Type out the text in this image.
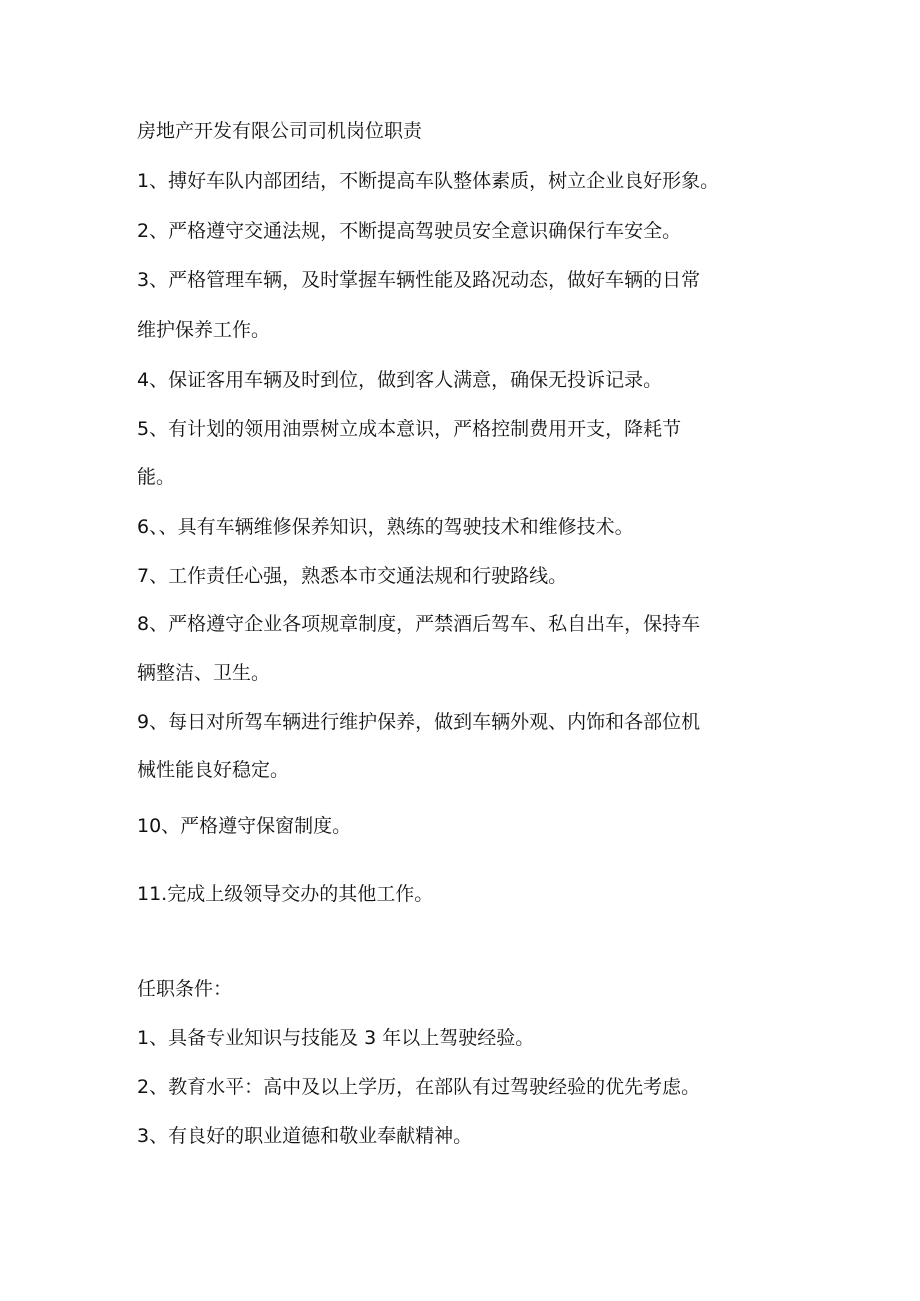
房地产开发有限公司司机岗位职责

1、搏好车队内部团结，不断提高车队整体素质，树立企业良好形象。

2、严格遵守交通法规，不断提高驾驶员安全意识确保行车安全。

3、严格管理车辆，及时掌握车辆性能及路况动态，做好车辆的日常

维护保养工作。

4、保证客用车辆及时到位，做到客人满意，确保无投诉记录。

5、有计划的领用油票树立成本意识，严格控制费用开支，降耗节

能。

6、、具有车辆维修保养知识，熟练的驾驶技术和维修技术。

7、工作责任心强，熟悉本市交通法规和行驶路线。

8、严格遵守企业各项规章制度，严禁酒后驾车、私自出车，保持车

辆整洁、卫生。

9、每日对所驾车辆进行维护保养，做到车辆外观、内饰和各部位机

械性能良好稳定。

10、严格遵守保窗制度。

11.完成上级领导交办的其他工作。

任职条件：

1、具备专业知识与技能及 3 年以上驾驶经验。

2、教育水平：高中及以上学历，在部队有过驾驶经验的优先考虑。

3、有良好的职业道德和敬业奉献精神。
